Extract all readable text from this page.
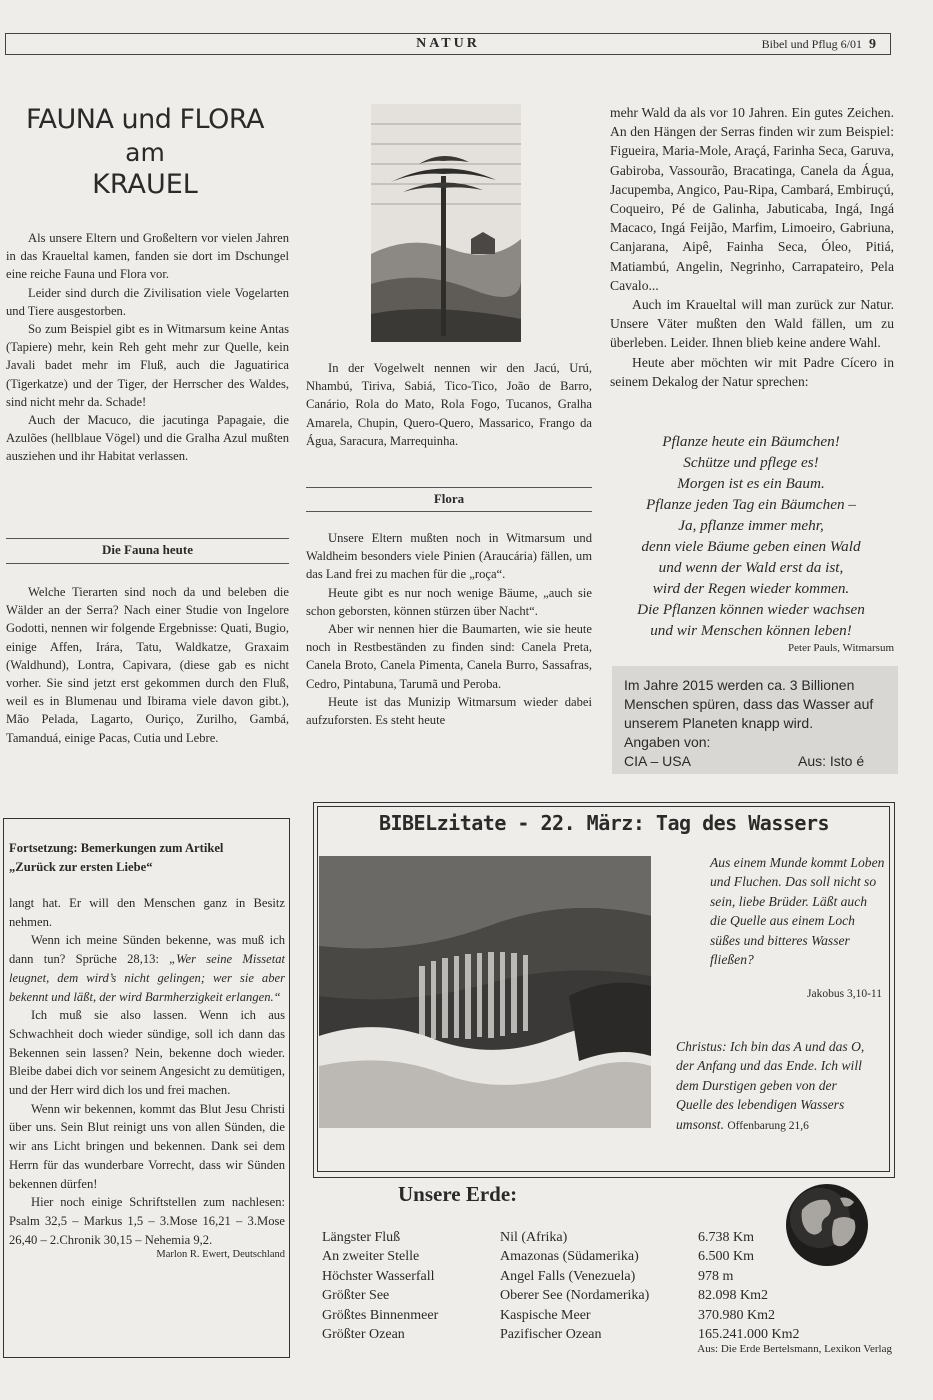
NATUR	Bibel und Pflug 6/01 9
FAUNA und FLORA
am
KRAUEL

Als unsere Eltern und Großeltern vor vielen Jahren in das Kraueltal kamen, fanden sie dort im Dschungel eine reiche Fauna und Flora vor.

Leider sind durch die Zivilisation viele Vogelarten und Tiere ausgestorben.

So zum Beispiel gibt es in Witmarsum keine Antas (Tapiere) mehr, kein Reh geht mehr zur Quelle, kein Javali badet mehr im Fluß, auch die Jaguatirica (Tigerkatze) und der Tiger, der Herrscher des Waldes, sind nicht mehr da. Schade!

Auch der Macuco, die jacutinga Papagaie, die Azulões (hellblaue Vögel) und die Gralha Azul mußten ausziehen und ihr Habitat verlassen.

Die Fauna heute

Welche Tierarten sind noch da und beleben die Wälder an der Serra? Nach einer Studie von Ingelore Godotti, nennen wir folgende Ergebnisse: Quati, Bugio, einige Affen, Irára, Tatu, Waldkatze, Graxaim (Waldhund), Lontra, Capivara, (diese gab es nicht vorher. Sie sind jetzt erst gekommen durch den Fluß, weil es in Blumenau und Ibirama viele davon gibt.), Mão Pelada, Lagarto, Ouriço, Zurilho, Gambá, Tamanduá, einige Pacas, Cutia und Lebre.

In der Vogelwelt nennen wir den Jacú, Urú, Nhambú, Tiriva, Sabiá, Tico-Tico, João de Barro, Canário, Rola do Mato, Rola Fogo, Tucanos, Gralha Amarela, Chupin, Quero-Quero, Massarico, Frango da Água, Saracura, Marrequinha.

Flora

Unsere Eltern mußten noch in Witmarsum und Waldheim besonders viele Pinien (Araucária) fällen, um das Land frei zu machen für die „roça“.

Heute gibt es nur noch wenige Bäume, „auch sie schon geborsten, können stürzen über Nacht“.

Aber wir nennen hier die Baumarten, wie sie heute noch in Restbeständen zu finden sind: Canela Preta, Canela Broto, Canela Pimenta, Canela Burro, Sassafras, Cedro, Pintabuna, Tarumã und Peroba.

Heute ist das Munizip Witmarsum wieder dabei aufzuforsten. Es steht heute

mehr Wald da als vor 10 Jahren. Ein gutes Zeichen. An den Hängen der Serras finden wir zum Beispiel: Figueira, Maria-Mole, Araçá, Farinha Seca, Garuva, Gabiroba, Vassourão, Bracatinga, Canela da Água, Jacupemba, Angico, Pau-Ripa, Cambará, Embiruçú, Coqueiro, Pé de Galinha, Jabuticaba, Ingá, Ingá Macaco, Ingá Feijão, Marfim, Limoeiro, Gabriuna, Canjarana, Aipê, Fainha Seca, Óleo, Pitiá, Matiambú, Angelin, Negrinho, Carrapateiro, Pela Cavalo...

Auch im Kraueltal will man zurück zur Natur. Unsere Väter mußten den Wald fällen, um zu überleben. Leider. Ihnen blieb keine andere Wahl.

Heute aber möchten wir mit Padre Cícero in seinem Dekalog der Natur sprechen:

Pflanze heute ein Bäumchen!
Schütze und pflege es!
Morgen ist es ein Baum.
Pflanze jeden Tag ein Bäumchen –
Ja, pflanze immer mehr,
denn viele Bäume geben einen Wald
und wenn der Wald erst da ist,
wird der Regen wieder kommen.
Die Pflanzen können wieder wachsen
und wir Menschen können leben!
Peter Pauls, Witmarsum
Im Jahre 2015 werden ca. 3 Billionen Menschen spüren, dass das Wasser auf unserem Planeten knapp wird.
Angaben von:
CIA – USA	Aus: Isto é
Fortsetzung: Bemerkungen zum Artikel
„Zurück zur ersten Liebe“

langt hat. Er will den Menschen ganz in Besitz nehmen.

Wenn ich meine Sünden bekenne, was muß ich dann tun? Sprüche 28,13: „Wer seine Missetat leugnet, dem wird’s nicht gelingen; wer sie aber bekennt und läßt, der wird Barmherzigkeit erlangen.“

Ich muß sie also lassen. Wenn ich aus Schwachheit doch wieder sündige, soll ich dann das Bekennen sein lassen? Nein, bekenne doch wieder. Bleibe dabei dich vor seinem Angesicht zu demütigen, und der Herr wird dich los und frei machen.

Wenn wir bekennen, kommt das Blut Jesu Christi über uns. Sein Blut reinigt uns von allen Sünden, die wir ans Licht bringen und bekennen. Dank sei dem Herrn für das wunderbare Vorrecht, dass wir Sünden bekennen dürfen!

Hier noch einige Schriftstellen zum nachlesen: Psalm 32,5 – Markus 1,5 – 3.Mose 16,21 – 3.Mose 26,40 – 2.Chronik 30,15 – Nehemia 9,2.

Marlon R. Ewert, Deutschland
BIBELzitate - 22. März: Tag des Wassers
Aus einem Munde kommt Loben und Fluchen. Das soll nicht so sein, liebe Brüder. Läßt auch die Quelle aus einem Loch süßes und bitteres Wasser fließen?
Jakobus 3,10-11
Christus: Ich bin das A und das O, der Anfang und das Ende. Ich will dem Durstigen geben von der Quelle des lebendigen Wassers umsonst. Offenbarung 21,6
Unsere Erde:
Längster Fluß	Nil (Afrika)	6.738 Km
An zweiter Stelle	Amazonas (Südamerika)	6.500 Km
Höchster Wasserfall	Angel Falls (Venezuela)	978 m
Größter See	Oberer See (Nordamerika)	82.098 Km2
Größtes Binnenmeer	Kaspische Meer	370.980 Km2
Größter Ozean	Pazifischer Ozean	165.241.000 Km2
Aus: Die Erde Bertelsmann, Lexikon Verlag
